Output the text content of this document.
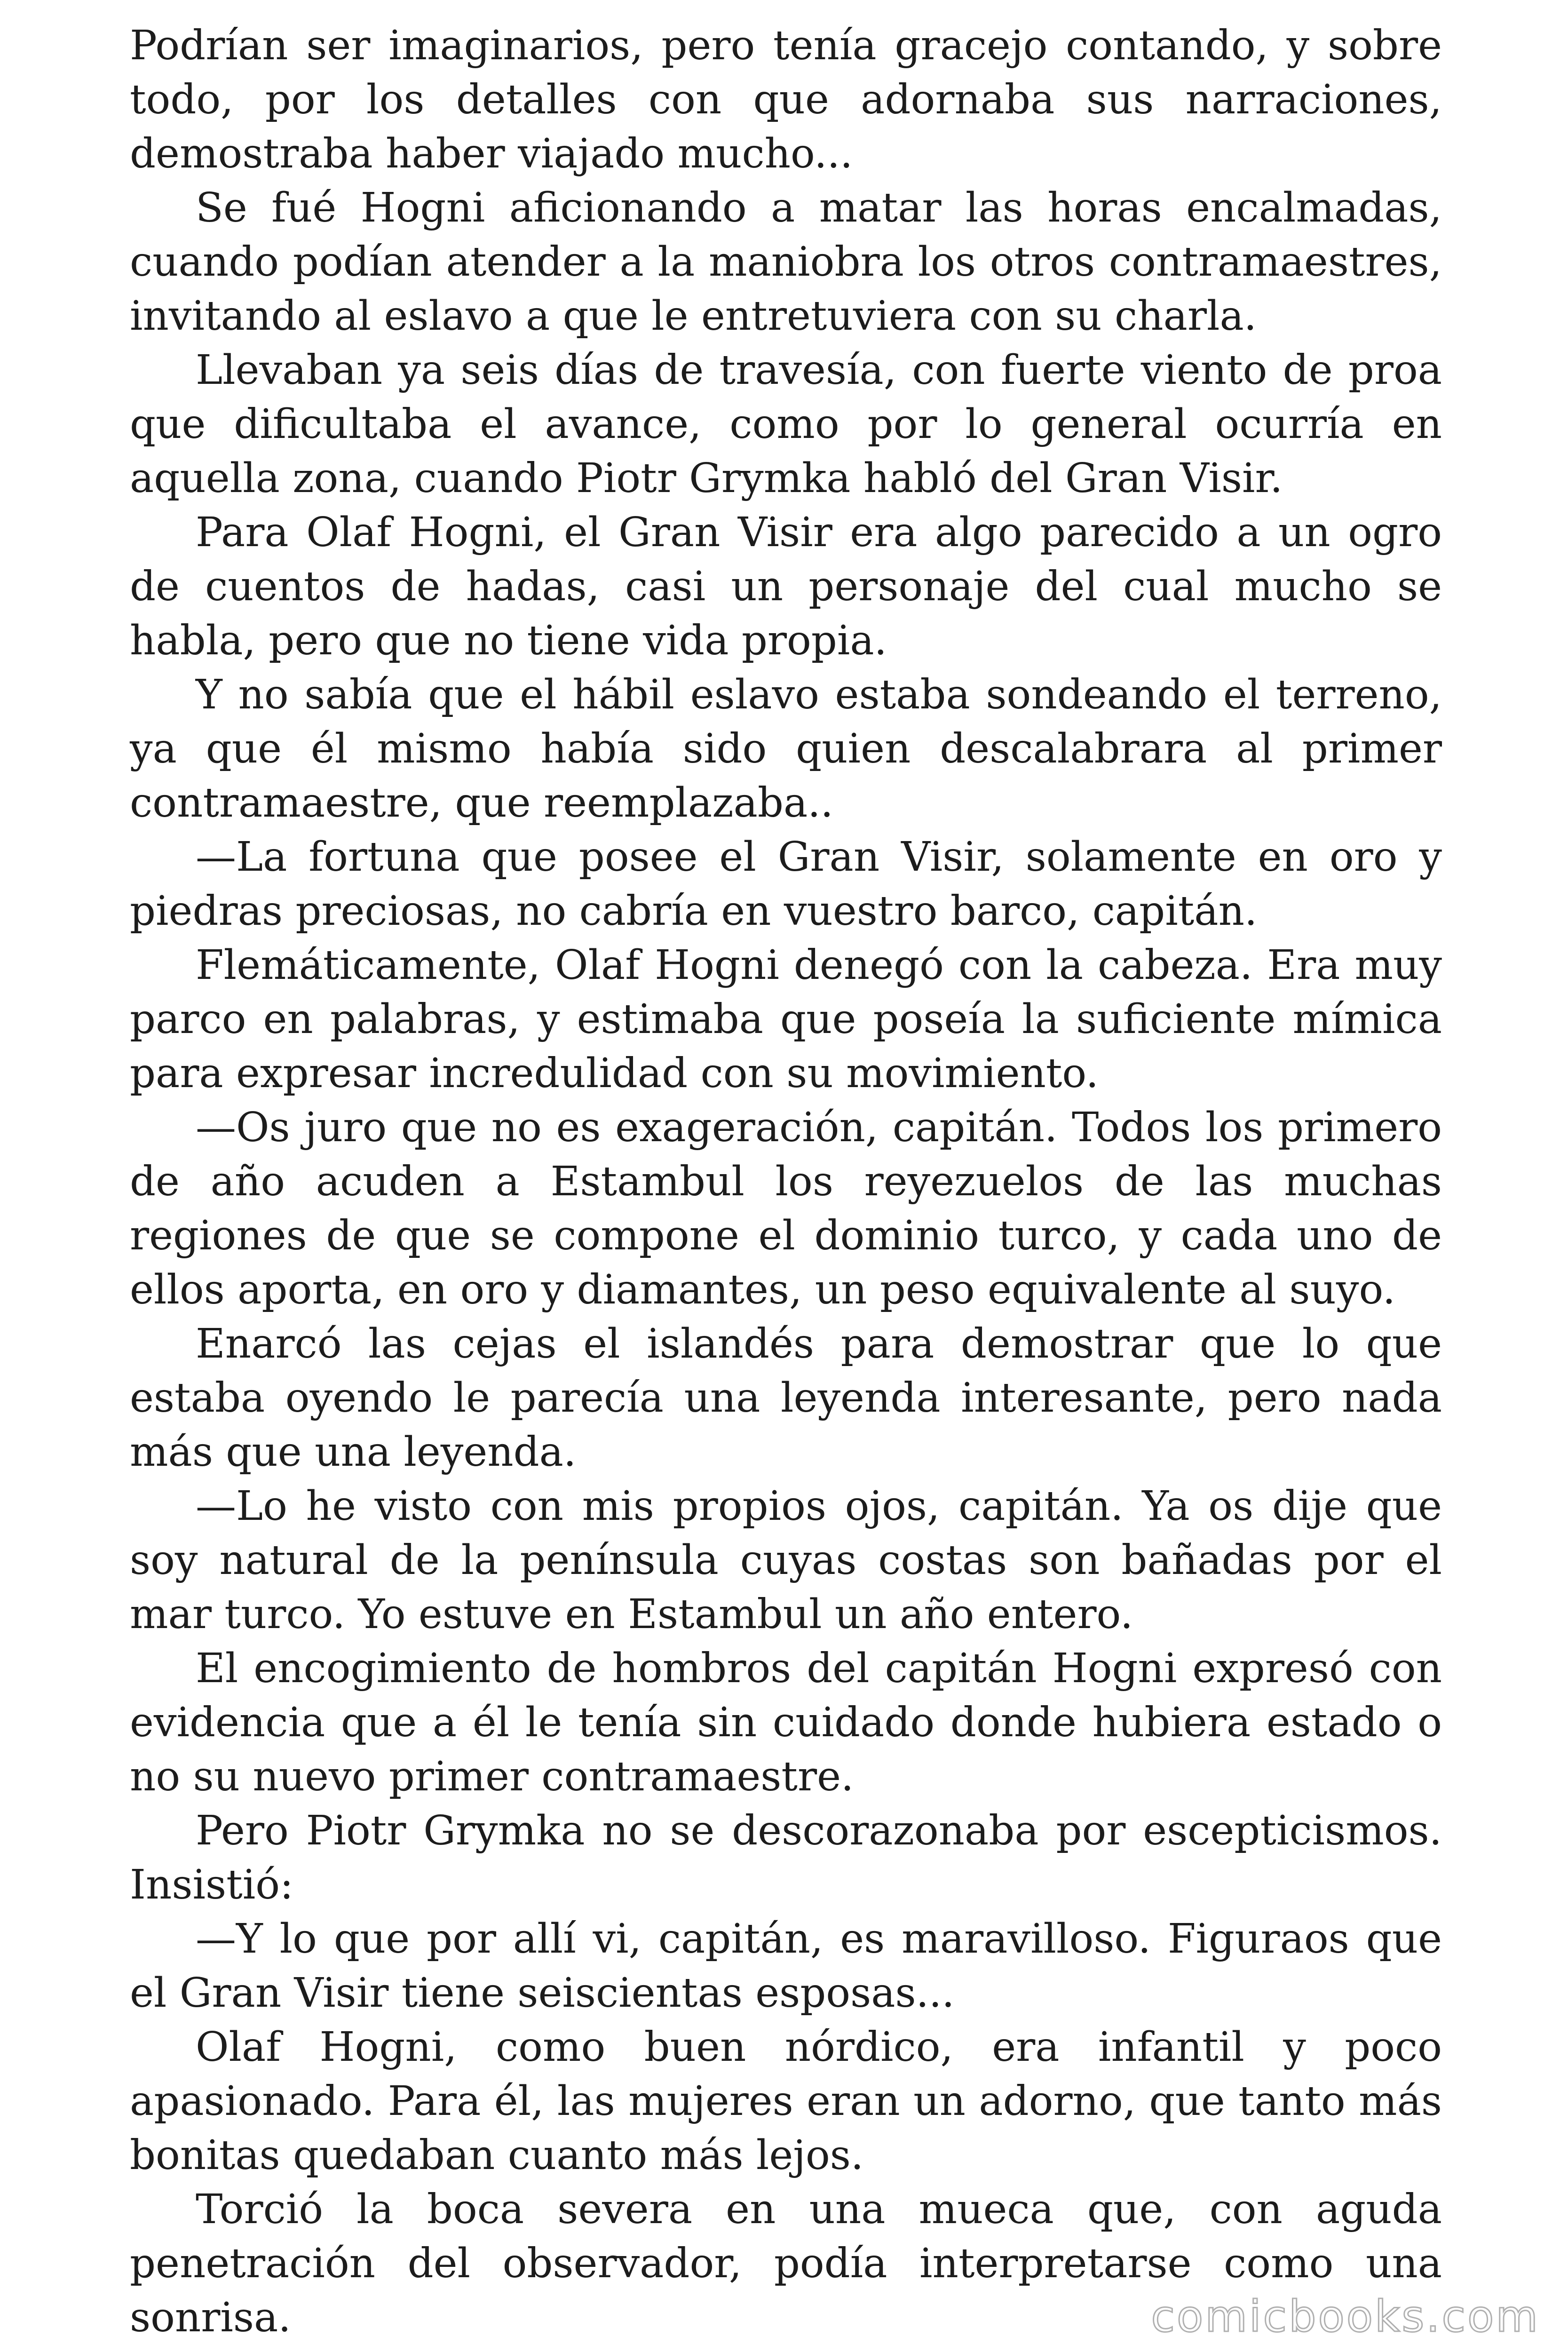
Podrían ser imaginarios, pero tenía gracejo contando, y sobre todo, por los detalles con que adornaba sus narraciones, demostraba haber viajado mucho...

Se fué Hogni aficionando a matar las horas encalmadas, cuando podían atender a la maniobra los otros contramaestres, invitando al eslavo a que le entretuviera con su charla.

Llevaban ya seis días de travesía, con fuerte viento de proa que dificultaba el avance, como por lo general ocurría en aquella zona, cuando Piotr Grymka habló del Gran Visir.

Para Olaf Hogni, el Gran Visir era algo parecido a un ogro de cuentos de hadas, casi un personaje del cual mucho se habla, pero que no tiene vida propia.

Y no sabía que el hábil eslavo estaba sondeando el terreno, ya que él mismo había sido quien descalabrara al primer contramaestre, que reemplazaba..

—La fortuna que posee el Gran Visir, solamente en oro y piedras preciosas, no cabría en vuestro barco, capitán.

Flemáticamente, Olaf Hogni denegó con la cabeza. Era muy parco en palabras, y estimaba que poseía la suficiente mímica para expresar incredulidad con su movimiento.

—Os juro que no es exageración, capitán. Todos los primero de año acuden a Estambul los reyezuelos de las muchas regiones de que se compone el dominio turco, y cada uno de ellos aporta, en oro y diamantes, un peso equivalente al suyo.

Enarcó las cejas el islandés para demostrar que lo que estaba oyendo le parecía una leyenda interesante, pero nada más que una leyenda.

—Lo he visto con mis propios ojos, capitán. Ya os dije que soy natural de la península cuyas costas son bañadas por el mar turco. Yo estuve en Estambul un año entero.

El encogimiento de hombros del capitán Hogni expresó con evidencia que a él le tenía sin cuidado donde hubiera estado o no su nuevo primer contramaestre.

Pero Piotr Grymka no se descorazonaba por escepticismos. Insistió:

—Y lo que por allí vi, capitán, es maravilloso. Figuraos que el Gran Visir tiene seiscientas esposas...

Olaf Hogni, como buen nórdico, era infantil y poco apasionado. Para él, las mujeres eran un adorno, que tanto más bonitas quedaban cuanto más lejos.

Torció la boca severa en una mueca que, con aguda penetración del observador, podía interpretarse como una sonrisa.	comicbooks.com
